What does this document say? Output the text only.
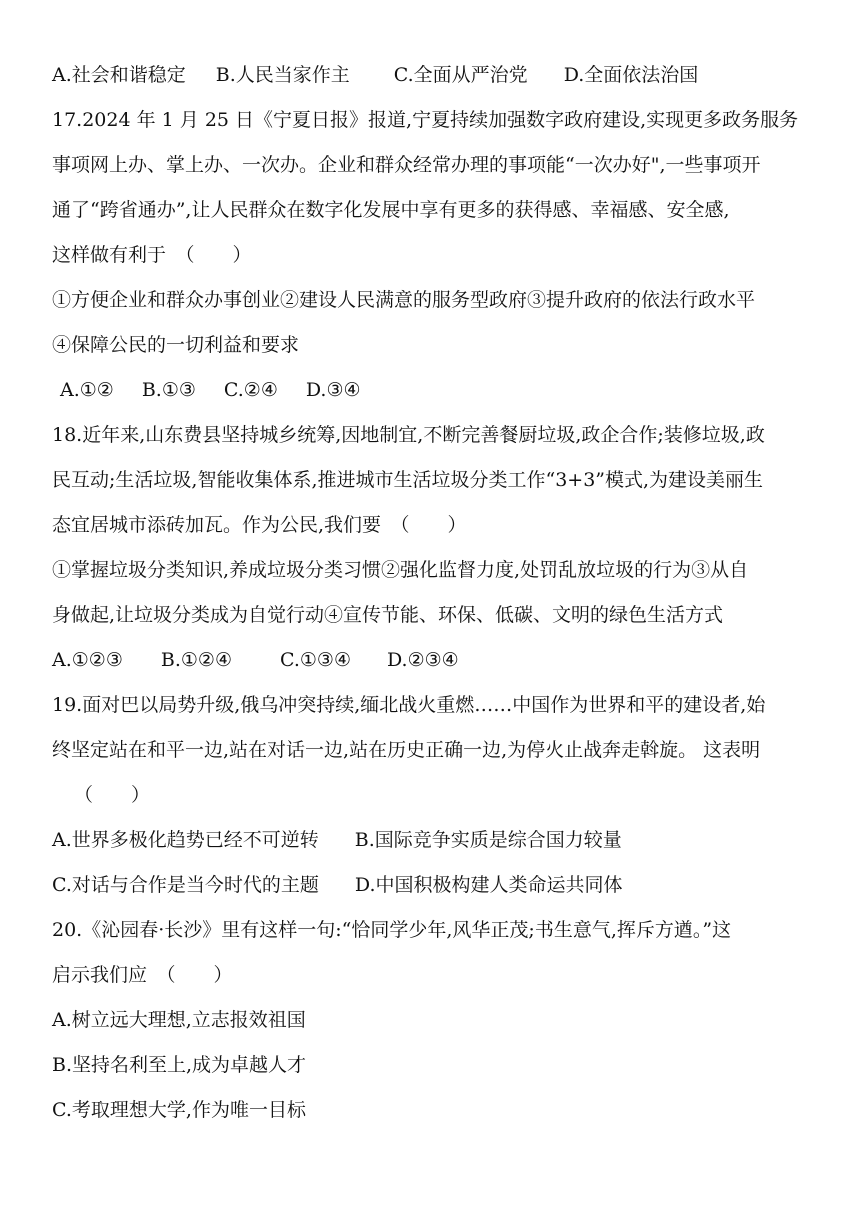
A.社会和谐稳定 B.人民当家作主 C.全面从严治党 D.全面依法治国
17.2024 年 1 月 25 日《宁夏日报》报道,宁夏持续加强数字政府建设,实现更多政务服务
事项网上办、掌上办、一次办。企业和群众经常办理的事项能“一次办好",一些事项开
通了“跨省通办”,让人民群众在数字化发展中享有更多的获得感、幸福感、安全感,
这样做有利于　（　　）
①方便企业和群众办事创业②建设人民满意的服务型政府③提升政府的依法行政水平
④保障公民的一切利益和要求
A.①② B.①③ C.②④ D.③④
18.近年来,山东费县坚持城乡统筹,因地制宜,不断完善餐厨垃圾,政企合作;装修垃圾,政
民互动;生活垃圾,智能收集体系,推进城市生活垃圾分类工作“3+3”模式,为建设美丽生
态宜居城市添砖加瓦。作为公民,我们要　（　　）
①掌握垃圾分类知识,养成垃圾分类习惯②强化监督力度,处罚乱放垃圾的行为③从自
身做起,让垃圾分类成为自觉行动④宣传节能、环保、低碳、文明的绿色生活方式
A.①②③ B.①②④	C.①③④ D.②③④
19.面对巴以局势升级,俄乌冲突持续,缅北战火重燃……中国作为世界和平的建设者,始
终坚定站在和平一边,站在对话一边,站在历史正确一边,为停火止战奔走斡旋。 这表明
（　　）
A.世界多极化趋势已经不可逆转 B.国际竞争实质是综合国力较量
C.对话与合作是当今时代的主题 D.中国积极构建人类命运共同体
20.《沁园春·长沙》里有这样一句:“恰同学少年,风华正茂;书生意气,挥斥方遒。”这
启示我们应　（　　）
A.树立远大理想,立志报效祖国
B.坚持名利至上,成为卓越人才
C.考取理想大学,作为唯一目标
